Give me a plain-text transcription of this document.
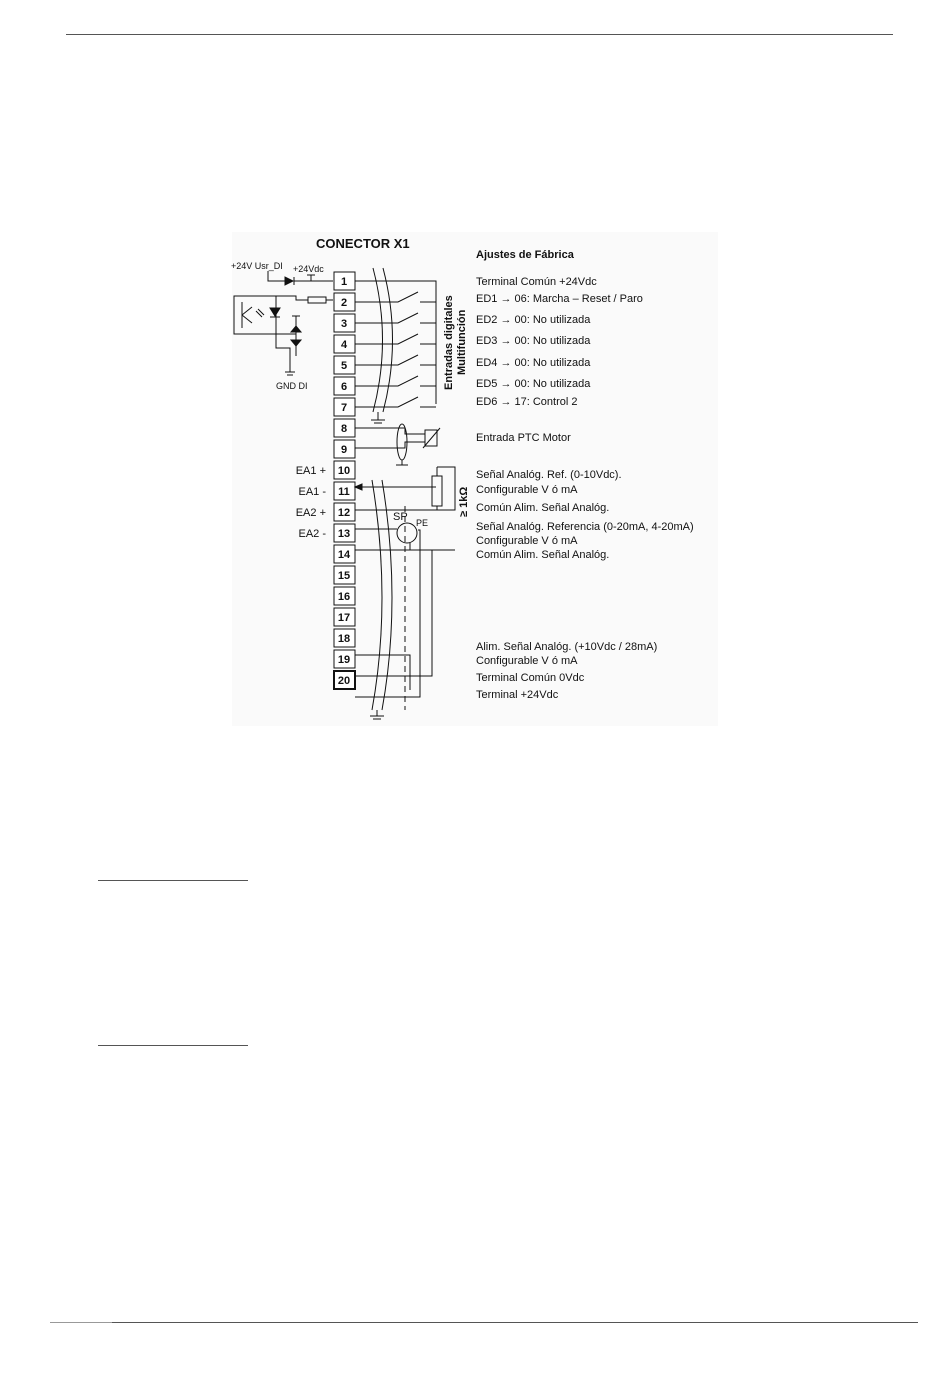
CONECTOR X1
Ajustes de Fábrica
+24V Usr_DI +24Vdc
GND DI
1
2
3
4
5
6
7
8
9
10
11
12
13
14
15
16
17
18
19
20
Entradas digitales Multifunción
SP PE
≥ 1kΩ
EA1 +
EA1 -
EA2 +
EA2 -
Terminal Común +24Vdc
ED1 → 06: Marcha – Reset / Paro
ED2 → 00: No utilizada
ED3 → 00: No utilizada
ED4 → 00: No utilizada
ED5 → 00: No utilizada
ED6 → 17: Control 2
Entrada PTC Motor
Señal Analóg. Ref. (0-10Vdc).
Configurable V ó mA
Común Alim. Señal Analóg.
Señal Analóg. Referencia (0-20mA, 4-20mA)
Configurable V ó mA
Común Alim. Señal Analóg.
Alim. Señal Analóg. (+10Vdc / 28mA)
Configurable V ó mA
Terminal Común 0Vdc
Terminal +24Vdc
